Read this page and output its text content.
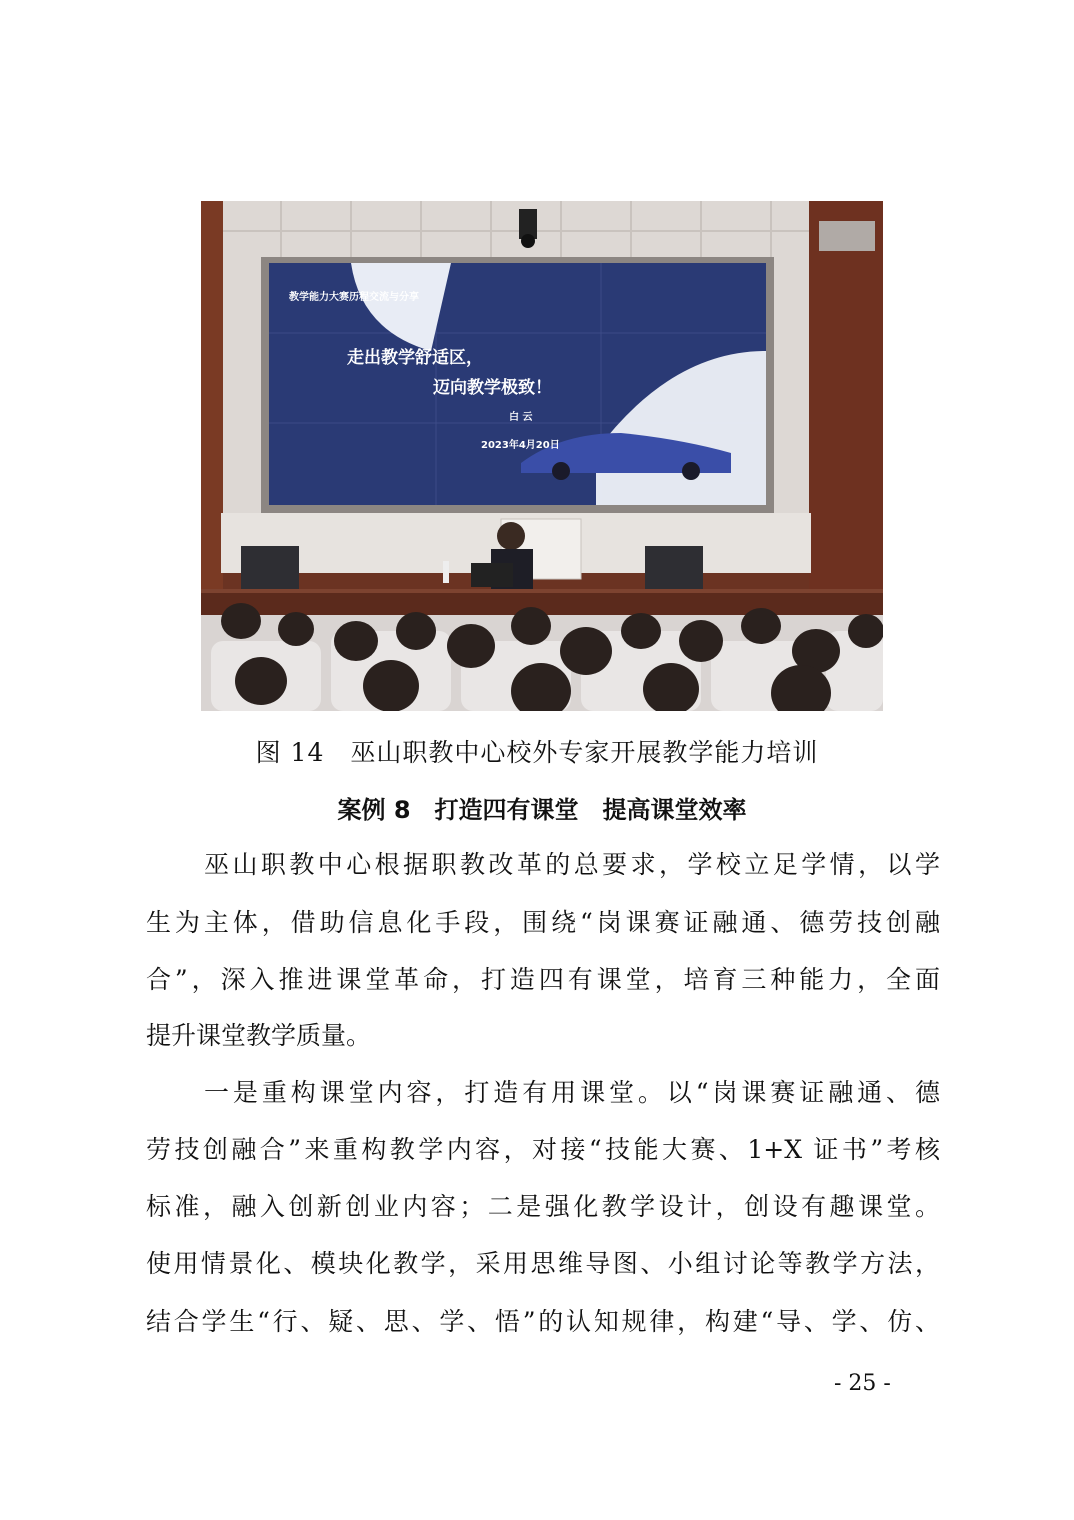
教学能力大赛历程交流与分享
走出教学舒适区，
迈向教学极致！
白 云
2023年4月20日
图 14　巫山职教中心校外专家开展教学能力培训
案例 8　打造四有课堂　提高课堂效率
巫山职教中心根据职教改革的总要求，学校立足学情，以学
生为主体，借助信息化手段，围绕“岗课赛证融通、德劳技创融
合”，深入推进课堂革命，打造四有课堂，培育三种能力，全面
提升课堂教学质量。
一是重构课堂内容，打造有用课堂。以“岗课赛证融通、德
劳技创融合”来重构教学内容，对接“技能大赛、1+X 证书”考核
标准，融入创新创业内容；二是强化教学设计，创设有趣课堂。
使用情景化、模块化教学，采用思维导图、小组讨论等教学方法，
结合学生“行、疑、思、学、悟”的认知规律，构建“导、学、仿、
- 25 -
